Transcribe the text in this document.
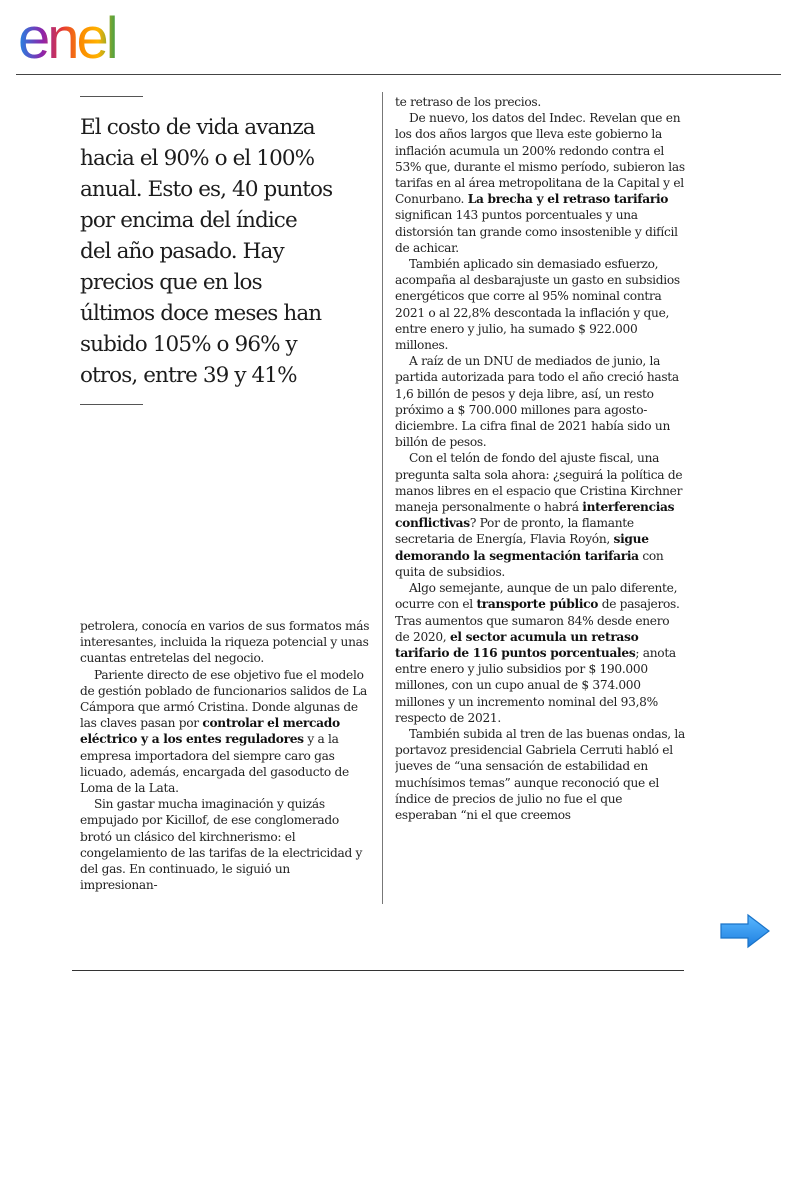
enel
El costo de vida avanza
hacia el 90% o el 100%
anual. Esto es, 40 puntos
por encima del índice
del año pasado. Hay
precios que en los
últimos doce meses han
subido 105% o 96% y
otros, entre 39 y 41%

petrolera, conocía en varios de sus formatos más interesantes, incluida la riqueza potencial y unas cuantas entretelas del negocio.

Pariente directo de ese objetivo fue el modelo de gestión poblado de funcionarios salidos de La Cámpora que armó Cristina. Donde algunas de las claves pasan por controlar el mercado eléctrico y a los entes reguladores y a la empresa importadora del siempre caro gas licuado, además, encargada del gasoducto de Loma de la Lata.

Sin gastar mucha imaginación y quizás empujado por Kicillof, de ese conglomerado brotó un clásico del kirchnerismo: el congelamiento de las tarifas de la electricidad y del gas. En continuado, le siguió un impresionan-

te retraso de los precios.

De nuevo, los datos del Indec. Revelan que en los dos años largos que lleva este gobierno la inflación acumula un 200% redondo contra el 53% que, durante el mismo período, subieron las tarifas en al área metropolitana de la Capital y el Conurbano. La brecha y el retraso tarifario significan 143 puntos porcentuales y una distorsión tan grande como insostenible y difícil de achicar.

También aplicado sin demasiado esfuerzo, acompaña al desbarajuste un gasto en subsidios energéticos que corre al 95% nominal contra 2021 o al 22,8% descontada la inflación y que, entre enero y julio, ha sumado $ 922.000 millones.

A raíz de un DNU de mediados de junio, la partida autorizada para todo el año creció hasta 1,6 billón de pesos y deja libre, así, un resto próximo a $ 700.000 millones para agosto-diciembre. La cifra final de 2021 había sido un billón de pesos.

Con el telón de fondo del ajuste fiscal, una pregunta salta sola ahora: ¿seguirá la política de manos libres en el espacio que Cristina Kirchner maneja personalmente o habrá interferencias conflictivas? Por de pronto, la flamante secretaria de Energía, Flavia Royón, sigue demorando la segmentación tarifaria con quita de subsidios.

Algo semejante, aunque de un palo diferente, ocurre con el transporte público de pasajeros. Tras aumentos que sumaron 84% desde enero de 2020, el sector acumula un retraso tarifario de 116 puntos porcentuales; anota entre enero y julio subsidios por $ 190.000 millones, con un cupo anual de $ 374.000 millones y un incremento nominal del 93,8% respecto de 2021.

También subida al tren de las buenas ondas, la portavoz presidencial Gabriela Cerruti habló el jueves de “una sensación de estabilidad en muchísimos temas” aunque reconoció que el índice de precios de julio no fue el que esperaban “ni el que creemos
